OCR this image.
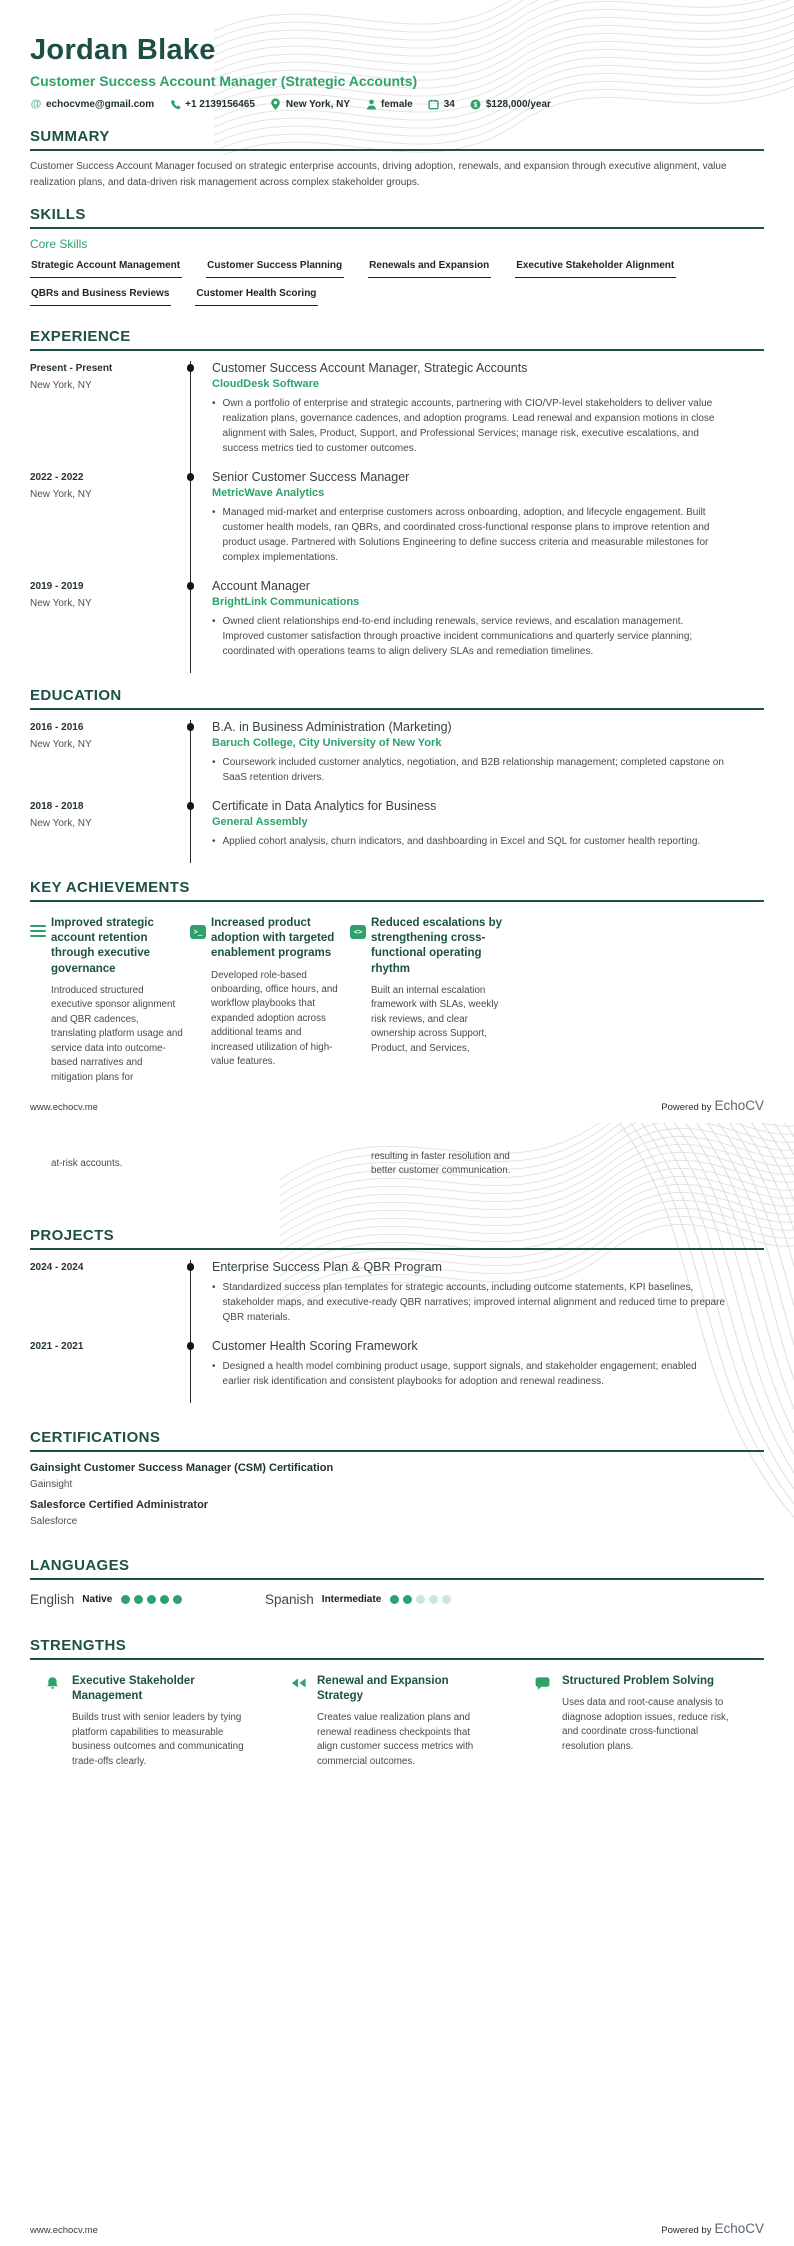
Jordan Blake
Customer Success Account Manager (Strategic Accounts)
@ echocvme@gmail.com	+1 2139156465	New York, NY	female	34	$ $128,000/year
SUMMARY
Customer Success Account Manager focused on strategic enterprise accounts, driving adoption, renewals, and expansion through executive alignment, value realization plans, and data-driven risk management across complex stakeholder groups.
SKILLS
Core Skills
Strategic Account Management	Customer Success Planning	Renewals and Expansion	Executive Stakeholder Alignment
QBRs and Business Reviews	Customer Health Scoring
EXPERIENCE
Present - Present
New York, NY
Customer Success Account Manager, Strategic Accounts
CloudDesk Software
• Own a portfolio of enterprise and strategic accounts, partnering with CIO/VP-level stakeholders to deliver value realization plans, governance cadences, and adoption programs. Lead renewal and expansion motions in close alignment with Sales, Product, Support, and Professional Services; manage risk, executive escalations, and success metrics tied to customer outcomes.
2022 - 2022
New York, NY
Senior Customer Success Manager
MetricWave Analytics
• Managed mid-market and enterprise customers across onboarding, adoption, and lifecycle engagement. Built customer health models, ran QBRs, and coordinated cross-functional response plans to improve retention and product usage. Partnered with Solutions Engineering to define success criteria and measurable milestones for complex implementations.
2019 - 2019
New York, NY
Account Manager
BrightLink Communications
• Owned client relationships end-to-end including renewals, service reviews, and escalation management. Improved customer satisfaction through proactive incident communications and quarterly service planning; coordinated with operations teams to align delivery SLAs and remediation timelines.
EDUCATION
2016 - 2016
New York, NY
B.A. in Business Administration (Marketing)
Baruch College, City University of New York
• Coursework included customer analytics, negotiation, and B2B relationship management; completed capstone on SaaS retention drivers.
2018 - 2018
New York, NY
Certificate in Data Analytics for Business
General Assembly
• Applied cohort analysis, churn indicators, and dashboarding in Excel and SQL for customer health reporting.
KEY ACHIEVEMENTS
Improved strategic account retention through executive governance
Introduced structured executive sponsor alignment and QBR cadences, translating platform usage and service data into outcome-based narratives and mitigation plans for
>_
Increased product adoption with targeted enablement programs
Developed role-based onboarding, office hours, and workflow playbooks that expanded adoption across additional teams and increased utilization of high-value features.
<>
Reduced escalations by strengthening cross-functional operating rhythm
Built an internal escalation framework with SLAs, weekly risk reviews, and clear ownership across Support, Product, and Services,
www.echocv.me	Powered by EchoCV
at-risk accounts.
resulting in faster resolution and better customer communication.
PROJECTS
2024 - 2024	Enterprise Success Plan & QBR Program
• Standardized success plan templates for strategic accounts, including outcome statements, KPI baselines, stakeholder maps, and executive-ready QBR narratives; improved internal alignment and reduced time to prepare QBR materials.
2021 - 2021	Customer Health Scoring Framework
• Designed a health model combining product usage, support signals, and stakeholder engagement; enabled earlier risk identification and consistent playbooks for adoption and renewal readiness.
CERTIFICATIONS
Gainsight Customer Success Manager (CSM) Certification
Gainsight
Salesforce Certified Administrator
Salesforce
LANGUAGES
English Native	Spanish Intermediate
STRENGTHS
Executive Stakeholder Management
Builds trust with senior leaders by tying platform capabilities to measurable business outcomes and communicating trade-offs clearly.
Renewal and Expansion Strategy
Creates value realization plans and renewal readiness checkpoints that align customer success metrics with commercial outcomes.
Structured Problem Solving
Uses data and root-cause analysis to diagnose adoption issues, reduce risk, and coordinate cross-functional resolution plans.
www.echocv.me	Powered by EchoCV
